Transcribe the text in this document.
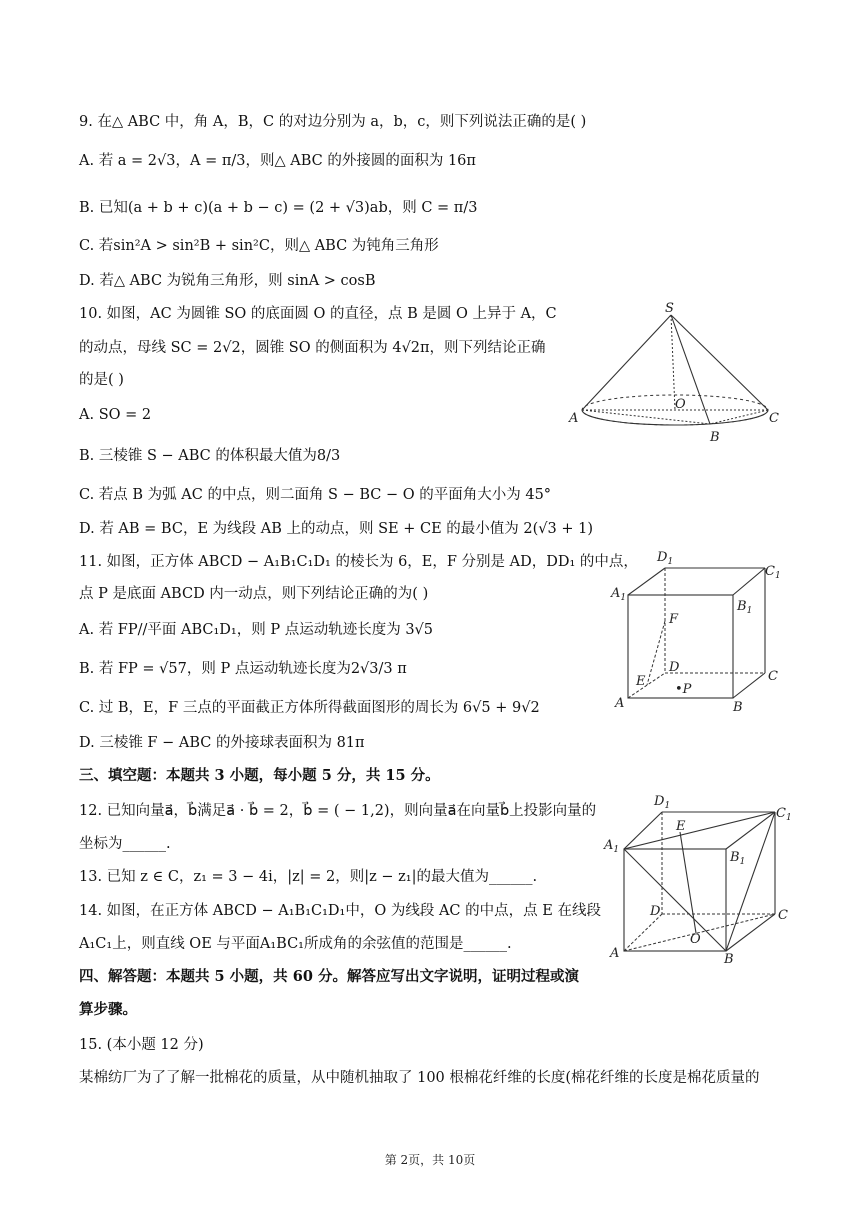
9. 在△ ABC 中，角 A，B，C 的对边分别为 a，b，c，则下列说法正确的是( )
A. 若 a = 2√3，A = π/3，则△ ABC 的外接圆的面积为 16π
B. 已知(a + b + c)(a + b − c) = (2 + √3)ab，则 C = π/3
C. 若sin²A > sin²B + sin²C，则△ ABC 为钝角三角形
D. 若△ ABC 为锐角三角形，则 sinA > cosB
10. 如图，AC 为圆锥 SO 的底面圆 O 的直径，点 B 是圆 O 上异于 A，C
的动点，母线 SC = 2√2，圆锥 SO 的侧面积为 4√2π，则下列结论正确
的是( )
A. SO = 2
B. 三棱锥 S − ABC 的体积最大值为8/3
C. 若点 B 为弧 AC 的中点，则二面角 S − BC − O 的平面角大小为 45°
D. 若 AB = BC，E 为线段 AB 上的动点，则 SE + CE 的最小值为 2(√3 + 1)
11. 如图，正方体 ABCD − A₁B₁C₁D₁ 的棱长为 6，E，F 分别是 AD，DD₁ 的中点，
点 P 是底面 ABCD 内一动点，则下列结论正确的为( )
A. 若 FP//平面 ABC₁D₁，则 P 点运动轨迹长度为 3√5
B. 若 FP = √57，则 P 点运动轨迹长度为2√3/3 π
C. 过 B，E，F 三点的平面截正方体所得截面图形的周长为 6√5 + 9√2
D. 三棱锥 F − ABC 的外接球表面积为 81π
三、填空题：本题共 3 小题，每小题 5 分，共 15 分。
12. 已知向量a⃗，b⃗满足a⃗ · b⃗ = 2，b⃗ = ( − 1,2)，则向量a⃗在向量b⃗上投影向量的
坐标为______.
13. 已知 z ∈ C，z₁ = 3 − 4i，|z| = 2，则|z − z₁|的最大值为______.
14. 如图，在正方体 ABCD − A₁B₁C₁D₁中，O 为线段 AC 的中点，点 E 在线段
A₁C₁上，则直线 OE 与平面A₁BC₁所成角的余弦值的范围是______.
四、解答题：本题共 5 小题，共 60 分。解答应写出文字说明，证明过程或演
算步骤。
15. (本小题 12 分)
某棉纺厂为了了解一批棉花的质量，从中随机抽取了 100 根棉花纤维的长度(棉花纤维的长度是棉花质量的
S
O
A
B
C
$D_1$
$C_1$
$A_1$
$B_1$
F
D
C
E
•P
A	B
$D_1$
E
$C_1$
$A_1$	$B_1$
D	C
O
A	B
第 2页，共 10页
